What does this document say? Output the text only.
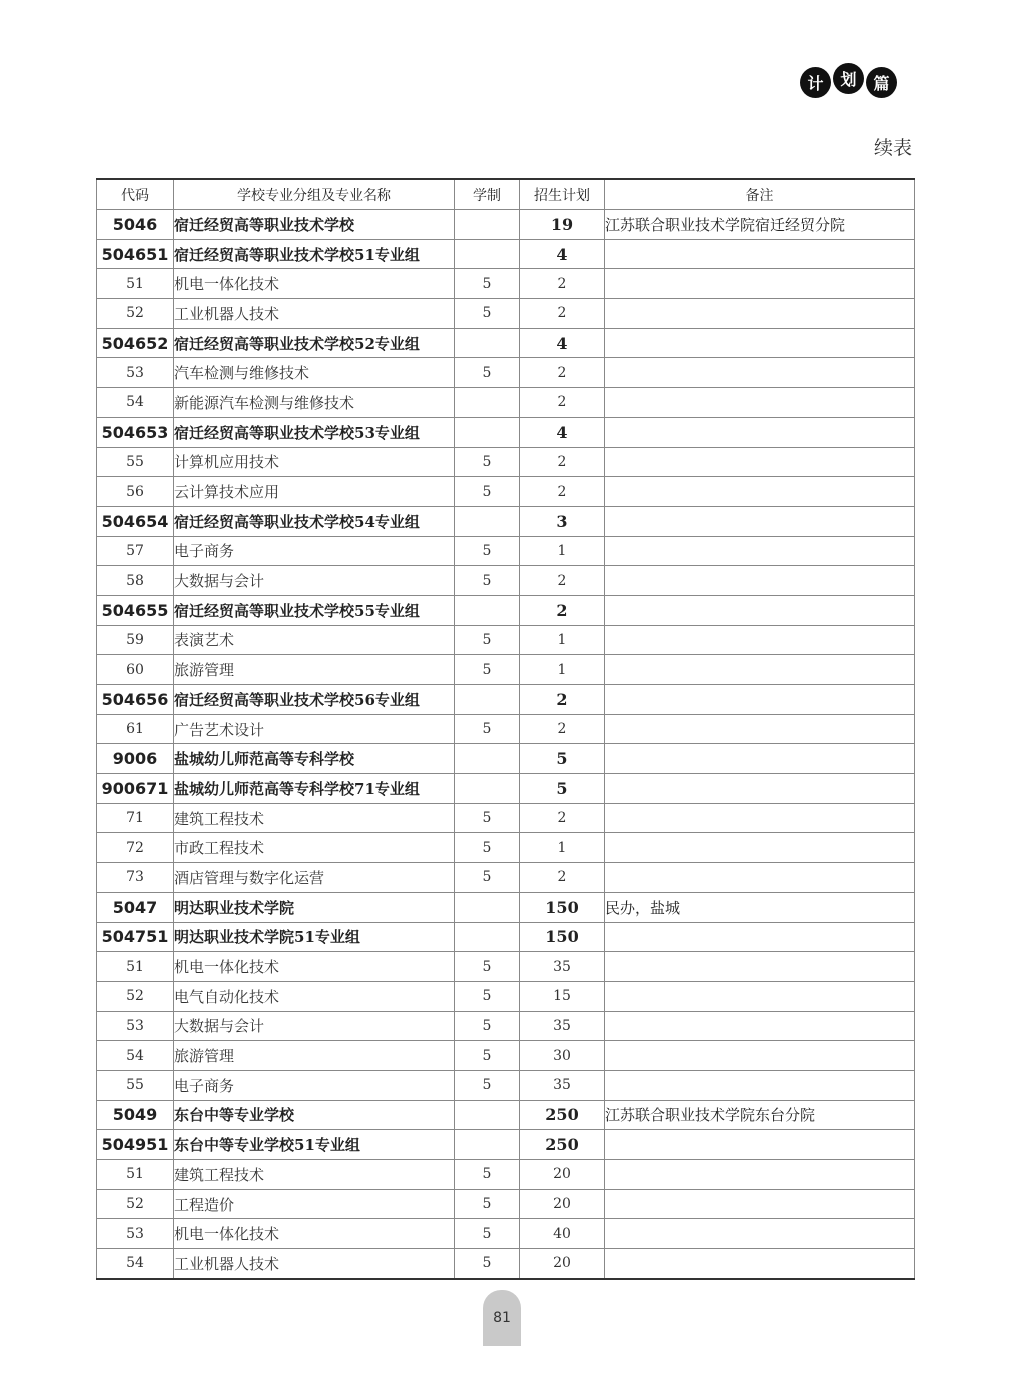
计	划	篇
续表
代码	学校专业分组及专业名称	学制	招生计划	备注
5046	宿迁经贸高等职业技术学校		19	江苏联合职业技术学院宿迁经贸分院
504651	宿迁经贸高等职业技术学校51专业组		4	
51	机电一体化技术	5	2	
52	工业机器人技术	5	2	
504652	宿迁经贸高等职业技术学校52专业组		4	
53	汽车检测与维修技术	5	2	
54	新能源汽车检测与维修技术		2	
504653	宿迁经贸高等职业技术学校53专业组		4	
55	计算机应用技术	5	2	
56	云计算技术应用	5	2	
504654	宿迁经贸高等职业技术学校54专业组		3	
57	电子商务	5	1	
58	大数据与会计	5	2	
504655	宿迁经贸高等职业技术学校55专业组		2	
59	表演艺术	5	1	
60	旅游管理	5	1	
504656	宿迁经贸高等职业技术学校56专业组		2	
61	广告艺术设计	5	2	
9006	盐城幼儿师范高等专科学校		5	
900671	盐城幼儿师范高等专科学校71专业组		5	
71	建筑工程技术	5	2	
72	市政工程技术	5	1	
73	酒店管理与数字化运营	5	2	
5047	明达职业技术学院		150	民办，盐城
504751	明达职业技术学院51专业组		150	
51	机电一体化技术	5	35	
52	电气自动化技术	5	15	
53	大数据与会计	5	35	
54	旅游管理	5	30	
55	电子商务	5	35	
5049	东台中等专业学校		250	江苏联合职业技术学院东台分院
504951	东台中等专业学校51专业组		250	
51	建筑工程技术	5	20	
52	工程造价	5	20	
53	机电一体化技术	5	40	
54	工业机器人技术	5	20	
81
